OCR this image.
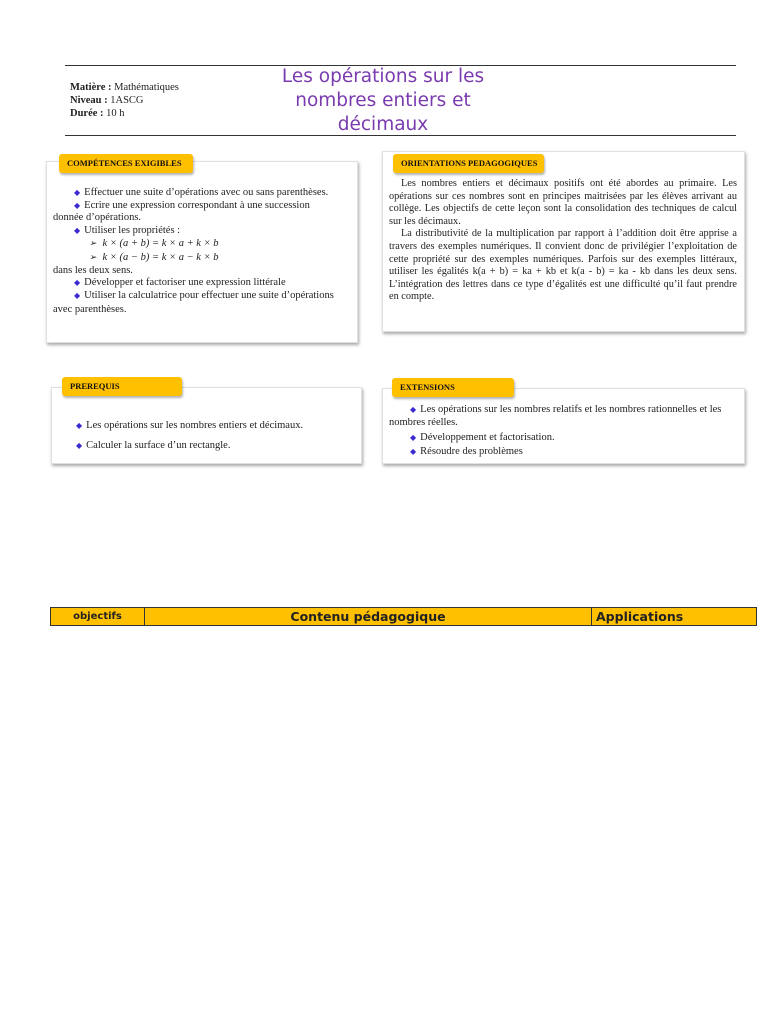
Matière : Mathématiques
Niveau : 1ASCG
Durée : 10 h
Les opérations sur les
nombres entiers et
décimaux
◆ Effectuer une suite d’opérations avec ou sans parenthèses.
◆ Ecrire une expression correspondant à une succession
donnée d’opérations.
◆ Utiliser les propriétés :
➢ k × (a + b) = k × a + k × b
➢ k × (a − b) = k × a − k × b
dans les deux sens.
◆ Développer et factoriser une expression littérale
◆ Utiliser la calculatrice pour effectuer une suite d’opérations
avec parenthèses.
COMPÉTENCES EXIGIBLES
Les nombres entiers et décimaux positifs ont été abordes au primaire. Les opérations sur ces nombres sont en principes maitrisées par les élèves arrivant au collège. Les objectifs de cette leçon sont la consolidation des techniques de calcul sur les décimaux.
La distributivité de la multiplication par rapport à l’addition doit être apprise a travers des exemples numériques. Il convient donc de privilégier l’exploitation de cette propriété sur des exemples numériques. Parfois sur des exemples littéraux, utiliser les égalités k(a + b) = ka + kb et k(a - b) = ka - kb dans les deux sens. L’intégration des lettres dans ce type d’égalités est une difficulté qu’il faut prendre en compte.
ORIENTATIONS PEDAGOGIQUES
◆ Les opérations sur les nombres entiers et décimaux.
◆ Calculer la surface d’un rectangle.
PREREQUIS
◆ Les opérations sur les nombres relatifs et les nombres rationnelles et les
nombres réelles.
◆ Développement et factorisation.
◆ Résoudre des problèmes
EXTENSIONS
objectifs	Contenu pédagogique	Applications
